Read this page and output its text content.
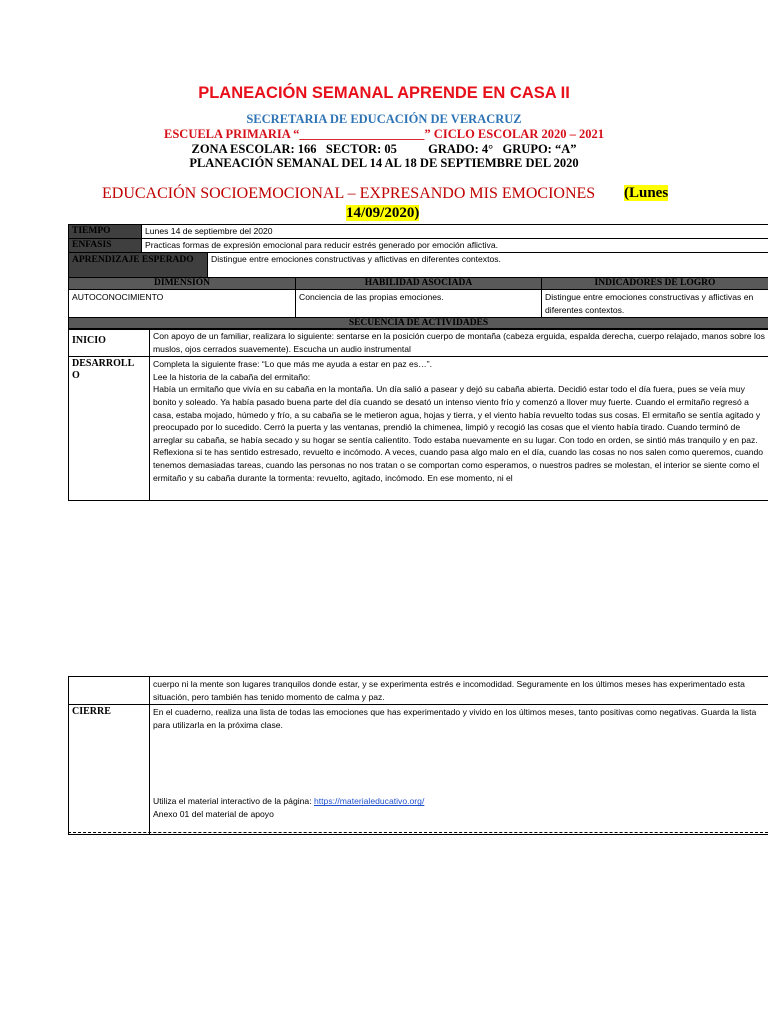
PLANEACIÓN SEMANAL APRENDE EN CASA II
SECRETARIA DE EDUCACIÓN DE VERACRUZ
ESCUELA PRIMARIA “____________________” CICLO ESCOLAR 2020 – 2021
ZONA ESCOLAR: 166   SECTOR: 05          GRADO: 4°   GRUPO: “A”
PLANEACIÓN SEMANAL DEL 14 AL 18 DE SEPTIEMBRE DEL 2020
EDUCACIÓN SOCIOEMOCIONAL – EXPRESANDO MIS EMOCIONES (Lunes
14/09/2020)
TIEMPO	Lunes 14 de septiembre del 2020	
ENFASIS	Practicas formas de expresión emocional para reducir estrés generado por emoción aflictiva.	
APRENDIZAJE ESPERADO		Distingue entre emociones constructivas y aflictivas en diferentes contextos.
DIMENSIÓN	HABILIDAD ASOCIADA	INDICADORES DE LOGRO
AUTOCONOCIMIENTO	Conciencia de las propias emociones.	Distingue entre emociones constructivas y aflictivas en diferentes contextos.
SECUENCIA DE ACTIVIDADES		
INICIO	Con apoyo de un familiar, realizara lo siguiente: sentarse en la posición cuerpo de montaña (cabeza erguida, espalda derecha, cuerpo relajado, manos sobre los muslos, ojos cerrados suavemente). Escucha un audio instrumental

DESARROLLO	Completa la siguiente frase: “Lo que más me ayuda a estar en paz es…”.
Lee la historia de la cabaña del ermitaño:
Había un ermitaño que vivía en su cabaña en la montaña. Un día salió a pasear y dejó su cabaña abierta. Decidió estar todo el día fuera, pues se veía muy bonito y soleado. Ya había pasado buena parte del día cuando se desató un intenso viento frío y comenzó a llover muy fuerte. Cuando el ermitaño regresó a casa, estaba mojado, húmedo y frío, a su cabaña se le metieron agua, hojas y tierra, y el viento había revuelto todas sus cosas. El ermitaño se sentía agitado y preocupado por lo sucedido. Cerró la puerta y las ventanas, prendió la chimenea, limpió y recogió las cosas que el viento había tirado. Cuando terminó de arreglar su cabaña, se había secado y su hogar se sentía calientito. Todo estaba nuevamente en su lugar. Con todo en orden, se sintió más tranquilo y en paz.
Reflexiona si te has sentido estresado, revuelto e incómodo. A veces, cuando pasa algo malo en el día, cuando las cosas no nos salen como queremos, cuando tenemos demasiadas tareas, cuando las personas no nos tratan o se comportan como esperamos, o nuestros padres se molestan, el interior se siente como el ermitaño y su cabaña durante la tormenta: revuelto, agitado, incómodo. En ese momento, ni el
	cuerpo ni la mente son lugares tranquilos donde estar, y se experimenta estrés e incomodidad. Seguramente en los últimos meses has experimentado esta situación, pero también has tenido momento de calma y paz.
CIERRE	En el cuaderno, realiza una lista de todas las emociones que has experimentado y vivido en los últimos meses, tanto positivas como negativas. Guarda la lista para utilizarla en la próxima clase.
Utiliza el material interactivo de la página: https://materialeducativo.org/
Anexo 01 del material de apoyo
